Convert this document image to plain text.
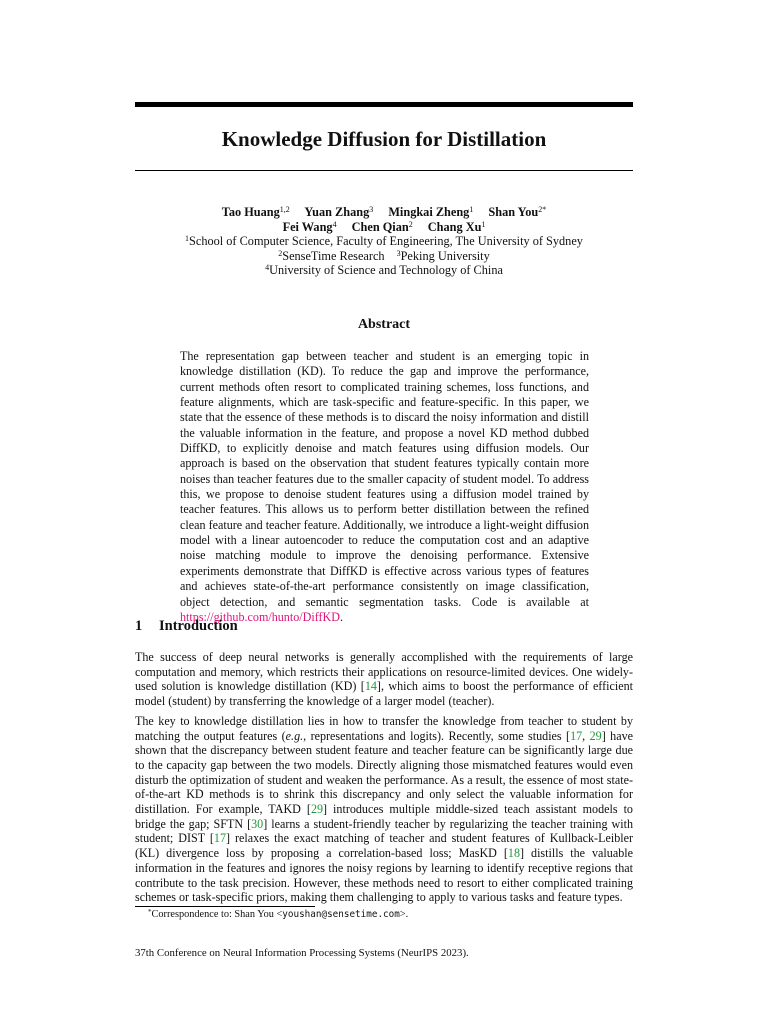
Knowledge Diffusion for Distillation
Tao Huang$^{1,2}$ Yuan Zhang$^3$ Mingkai Zheng$^1$ Shan You$^{2*}$
Fei Wang$^4$ Chen Qian$^2$ Chang Xu$^1$
$^1$School of Computer Science, Faculty of Engineering, The University of Sydney
$^2$SenseTime Research $^3$Peking University
$^4$University of Science and Technology of China
Abstract
The representation gap between teacher and student is an emerging topic in knowledge distillation (KD). To reduce the gap and improve the performance, current methods often resort to complicated training schemes, loss functions, and feature alignments, which are task-specific and feature-specific. In this paper, we state that the essence of these methods is to discard the noisy information and distill the valuable information in the feature, and propose a novel KD method dubbed DiffKD, to explicitly denoise and match features using diffusion models. Our approach is based on the observation that student features typically contain more noises than teacher features due to the smaller capacity of student model. To address this, we propose to denoise student features using a diffusion model trained by teacher features. This allows us to perform better distillation between the refined clean feature and teacher feature. Additionally, we introduce a light-weight diffusion model with a linear autoencoder to reduce the computation cost and an adaptive noise matching module to improve the denoising performance. Extensive experiments demonstrate that DiffKD is effective across various types of features and achieves state-of-the-art performance consistently on image classification, object detection, and semantic segmentation tasks. Code is available at https://github.com/hunto/DiffKD.
1 Introduction

The success of deep neural networks is generally accomplished with the requirements of large computation and memory, which restricts their applications on resource-limited devices. One widely-used solution is knowledge distillation (KD) [14], which aims to boost the performance of efficient model (student) by transferring the knowledge of a larger model (teacher).

The key to knowledge distillation lies in how to transfer the knowledge from teacher to student by matching the output features (e.g., representations and logits). Recently, some studies [17, 29] have shown that the discrepancy between student feature and teacher feature can be significantly large due to the capacity gap between the two models. Directly aligning those mismatched features would even disturb the optimization of student and weaken the performance. As a result, the essence of most state-of-the-art KD methods is to shrink this discrepancy and only select the valuable information for distillation. For example, TAKD [29] introduces multiple middle-sized teach assistant models to bridge the gap; SFTN [30] learns a student-friendly teacher by regularizing the teacher training with student; DIST [17] relaxes the exact matching of teacher and student features of Kullback-Leibler (KL) divergence loss by proposing a correlation-based loss; MasKD [18] distills the valuable information in the features and ignores the noisy regions by learning to identify receptive regions that contribute to the task precision. However, these methods need to resort to either complicated training schemes or task-specific priors, making them challenging to apply to various tasks and feature types.

*Correspondence to: Shan You <youshan@sensetime.com>.
37th Conference on Neural Information Processing Systems (NeurIPS 2023).
